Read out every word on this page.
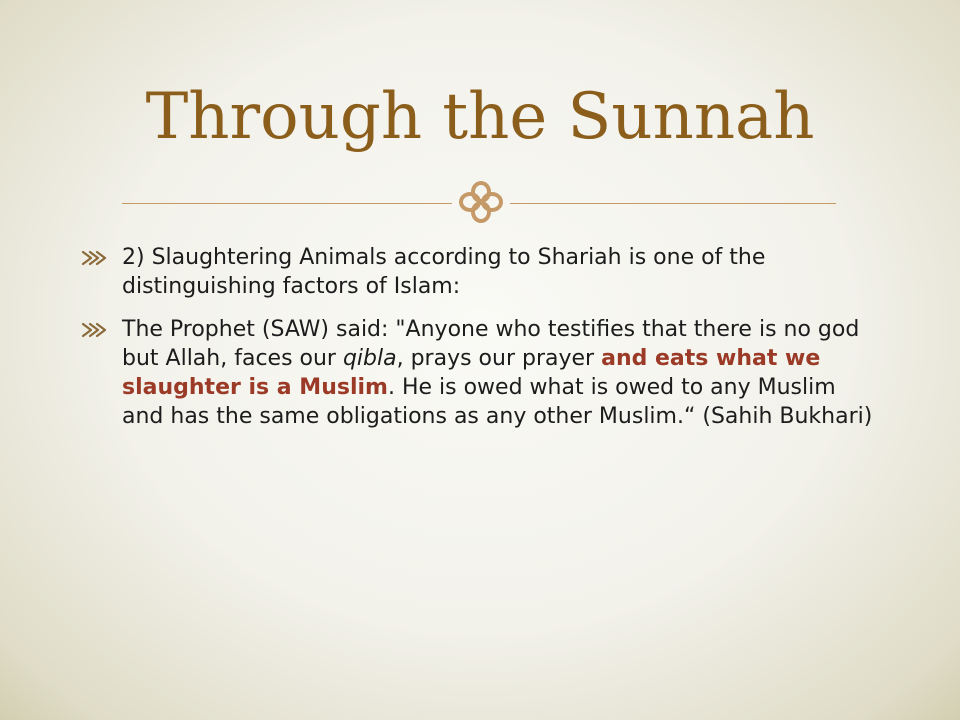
Through the Sunnah
2) Slaughtering Animals according to Shariah is one of the distinguishing factors of Islam:
The Prophet (SAW) said: "Anyone who testifies that there is no god but Allah, faces our qibla, prays our prayer and eats what we slaughter is a Muslim. He is owed what is owed to any Muslim and has the same obligations as any other Muslim.“ (Sahih Bukhari)
